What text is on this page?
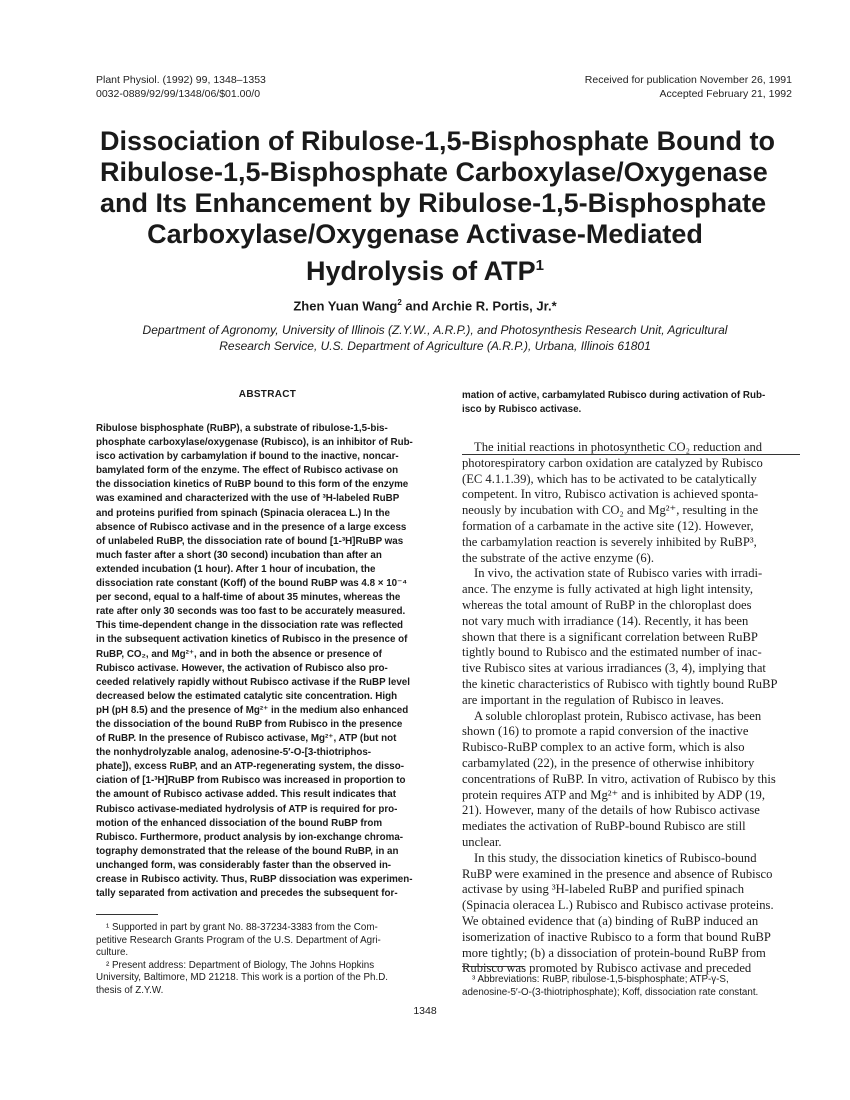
Plant Physiol. (1992) 99, 1348–1353
0032-0889/92/99/1348/06/$01.00/0
Received for publication November 26, 1991
Accepted February 21, 1992
Dissociation of Ribulose-1,5-Bisphosphate Bound to
Ribulose-1,5-Bisphosphate Carboxylase/Oxygenase
and Its Enhancement by Ribulose-1,5-Bisphosphate
Carboxylase/Oxygenase Activase-Mediated
Hydrolysis of ATP$^1$
Zhen Yuan Wang$^2$ and Archie R. Portis, Jr.*
Department of Agronomy, University of Illinois (Z.Y.W., A.R.P.), and Photosynthesis Research Unit, Agricultural
Research Service, U.S. Department of Agriculture (A.R.P.), Urbana, Illinois 61801
ABSTRACT
Ribulose bisphosphate (RuBP), a substrate of ribulose-1,5-bis-
phosphate carboxylase/oxygenase (Rubisco), is an inhibitor of Rub-
isco activation by carbamylation if bound to the inactive, noncar-
bamylated form of the enzyme. The effect of Rubisco activase on
the dissociation kinetics of RuBP bound to this form of the enzyme
was examined and characterized with the use of ³H-labeled RuBP
and proteins purified from spinach (Spinacia oleracea L.) In the
absence of Rubisco activase and in the presence of a large excess
of unlabeled RuBP, the dissociation rate of bound [1-³H]RuBP was
much faster after a short (30 second) incubation than after an
extended incubation (1 hour). After 1 hour of incubation, the
dissociation rate constant (Koff) of the bound RuBP was 4.8 × 10⁻⁴
per second, equal to a half-time of about 35 minutes, whereas the
rate after only 30 seconds was too fast to be accurately measured.
This time-dependent change in the dissociation rate was reflected
in the subsequent activation kinetics of Rubisco in the presence of
RuBP, CO₂, and Mg²⁺, and in both the absence or presence of
Rubisco activase. However, the activation of Rubisco also pro-
ceeded relatively rapidly without Rubisco activase if the RuBP level
decreased below the estimated catalytic site concentration. High
pH (pH 8.5) and the presence of Mg²⁺ in the medium also enhanced
the dissociation of the bound RuBP from Rubisco in the presence
of RuBP. In the presence of Rubisco activase, Mg²⁺, ATP (but not
the nonhydrolyzable analog, adenosine-5′-O-[3-thiotriphos-
phate]), excess RuBP, and an ATP-regenerating system, the disso-
ciation of [1-³H]RuBP from Rubisco was increased in proportion to
the amount of Rubisco activase added. This result indicates that
Rubisco activase-mediated hydrolysis of ATP is required for pro-
motion of the enhanced dissociation of the bound RuBP from
Rubisco. Furthermore, product analysis by ion-exchange chroma-
tography demonstrated that the release of the bound RuBP, in an
unchanged form, was considerably faster than the observed in-
crease in Rubisco activity. Thus, RuBP dissociation was experimen-
tally separated from activation and precedes the subsequent for-
mation of active, carbamylated Rubisco during activation of Rub-
isco by Rubisco activase.
The initial reactions in photosynthetic CO₂ reduction and
photorespiratory carbon oxidation are catalyzed by Rubisco
(EC 4.1.1.39), which has to be activated to be catalytically
competent. In vitro, Rubisco activation is achieved sponta-
neously by incubation with CO₂ and Mg²⁺, resulting in the
formation of a carbamate in the active site (12). However,
the carbamylation reaction is severely inhibited by RuBP³,
the substrate of the active enzyme (6).
In vivo, the activation state of Rubisco varies with irradi-
ance. The enzyme is fully activated at high light intensity,
whereas the total amount of RuBP in the chloroplast does
not vary much with irradiance (14). Recently, it has been
shown that there is a significant correlation between RuBP
tightly bound to Rubisco and the estimated number of inac-
tive Rubisco sites at various irradiances (3, 4), implying that
the kinetic characteristics of Rubisco with tightly bound RuBP
are important in the regulation of Rubisco in leaves.
A soluble chloroplast protein, Rubisco activase, has been
shown (16) to promote a rapid conversion of the inactive
Rubisco-RuBP complex to an active form, which is also
carbamylated (22), in the presence of otherwise inhibitory
concentrations of RuBP. In vitro, activation of Rubisco by this
protein requires ATP and Mg²⁺ and is inhibited by ADP (19,
21). However, many of the details of how Rubisco activase
mediates the activation of RuBP-bound Rubisco are still
unclear.
In this study, the dissociation kinetics of Rubisco-bound
RuBP were examined in the presence and absence of Rubisco
activase by using ³H-labeled RuBP and purified spinach
(Spinacia oleracea L.) Rubisco and Rubisco activase proteins.
We obtained evidence that (a) binding of RuBP induced an
isomerization of inactive Rubisco to a form that bound RuBP
more tightly; (b) a dissociation of protein-bound RuBP from
Rubisco was promoted by Rubisco activase and preceded
¹ Supported in part by grant No. 88-37234-3383 from the Com-
petitive Research Grants Program of the U.S. Department of Agri-
culture.
² Present address: Department of Biology, The Johns Hopkins
University, Baltimore, MD 21218. This work is a portion of the Ph.D.
thesis of Z.Y.W.
³ Abbreviations: RuBP, ribulose-1,5-bisphosphate; ATP-γ-S,
adenosine-5′-O-(3-thiotriphosphate); Koff, dissociation rate constant.
1348
